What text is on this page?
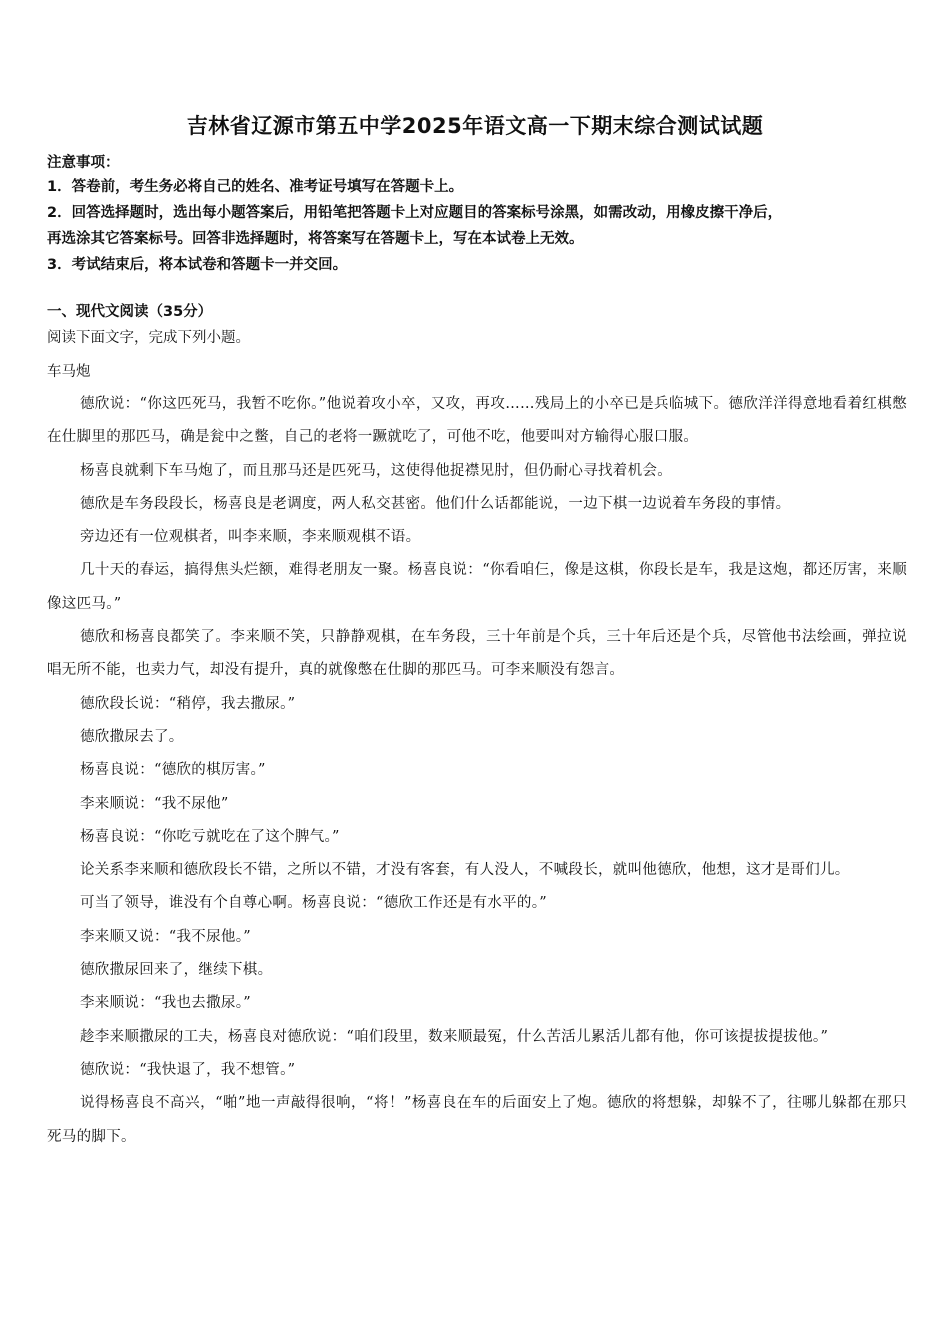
吉林省辽源市第五中学2025年语文高一下期末综合测试试题
注意事项：
1．答卷前，考生务必将自己的姓名、准考证号填写在答题卡上。
2．回答选择题时，选出每小题答案后，用铅笔把答题卡上对应题目的答案标号涂黑，如需改动，用橡皮擦干净后，
再选涂其它答案标号。回答非选择题时，将答案写在答题卡上，写在本试卷上无效。
3．考试结束后，将本试卷和答题卡一并交回。
一、现代文阅读（35分）
阅读下面文字，完成下列小题。
车马炮

德欣说：“你这匹死马，我暂不吃你。”他说着攻小卒，又攻，再攻……残局上的小卒已是兵临城下。德欣洋洋得意地看着红棋憋在仕脚里的那匹马，确是瓮中之鳖，自己的老将一蹶就吃了，可他不吃，他要叫对方输得心服口服。

杨喜良就剩下车马炮了，而且那马还是匹死马，这使得他捉襟见肘，但仍耐心寻找着机会。

德欣是车务段段长，杨喜良是老调度，两人私交甚密。他们什么话都能说，一边下棋一边说着车务段的事情。

旁边还有一位观棋者，叫李来顺，李来顺观棋不语。

几十天的春运，搞得焦头烂额，难得老朋友一聚。杨喜良说：“你看咱仨，像是这棋，你段长是车，我是这炮，都还厉害，来顺像这匹马。”

德欣和杨喜良都笑了。李来顺不笑，只静静观棋，在车务段，三十年前是个兵，三十年后还是个兵，尽管他书法绘画，弹拉说唱无所不能，也卖力气，却没有提升，真的就像憋在仕脚的那匹马。可李来顺没有怨言。

德欣段长说：“稍停，我去撒尿。”

德欣撒尿去了。

杨喜良说：“德欣的棋厉害。”

李来顺说：“我不尿他”

杨喜良说：“你吃亏就吃在了这个脾气。”

论关系李来顺和德欣段长不错，之所以不错，才没有客套，有人没人，不喊段长，就叫他德欣，他想，这才是哥们儿。

可当了领导，谁没有个自尊心啊。杨喜良说：“德欣工作还是有水平的。”

李来顺又说：“我不尿他。”

德欣撒尿回来了，继续下棋。

李来顺说：“我也去撒尿。”

趁李来顺撒尿的工夫，杨喜良对德欣说：“咱们段里，数来顺最冤，什么苦活儿累活儿都有他，你可该提拔提拔他。”

德欣说：“我快退了，我不想管。”

说得杨喜良不高兴，“啪”地一声敲得很响，“将！”杨喜良在车的后面安上了炮。德欣的将想躲，却躲不了，往哪儿躲都在那只死马的脚下。
